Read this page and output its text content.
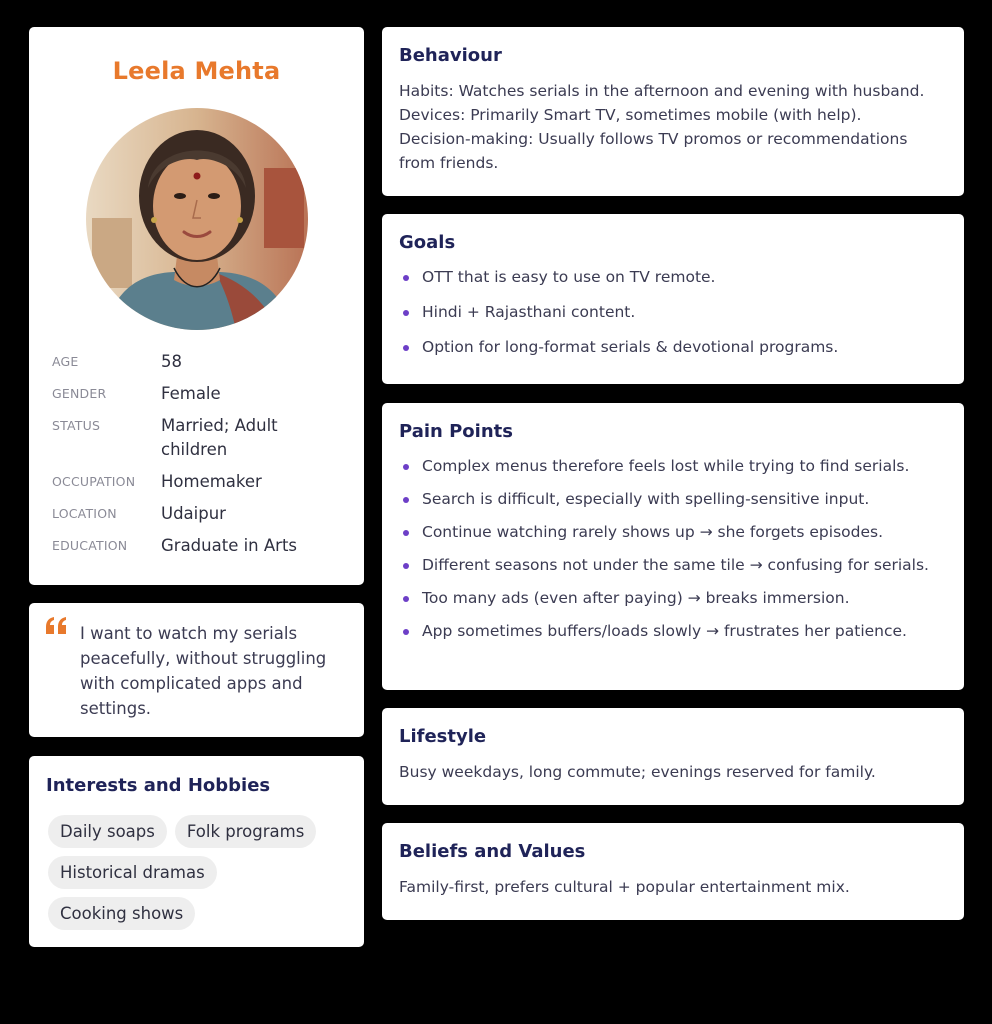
Leela Mehta
AGE	58
GENDER	Female
STATUS	Married; Adult children
OCCUPATION	Homemaker
LOCATION	Udaipur
EDUCATION	Graduate in Arts
I want to watch my serials peacefully, without struggling with complicated apps and settings.
Interests and Hobbies
Daily soaps	Folk programs
Historical dramas
Cooking shows
Behaviour
Habits: Watches serials in the afternoon and evening with husband.
Devices: Primarily Smart TV, sometimes mobile (with help).
Decision-making: Usually follows TV promos or recommendations from friends.
Goals
OTT that is easy to use on TV remote.
Hindi + Rajasthani content.
Option for long-format serials & devotional programs.
Pain Points
Complex menus therefore feels lost while trying to find serials.
Search is difficult, especially with spelling-sensitive input.
Continue watching rarely shows up → she forgets episodes.
Different seasons not under the same tile → confusing for serials.
Too many ads (even after paying) → breaks immersion.
App sometimes buffers/loads slowly → frustrates her patience.
Lifestyle
Busy weekdays, long commute; evenings reserved for family.
Beliefs and Values
Family-first, prefers cultural + popular entertainment mix.
